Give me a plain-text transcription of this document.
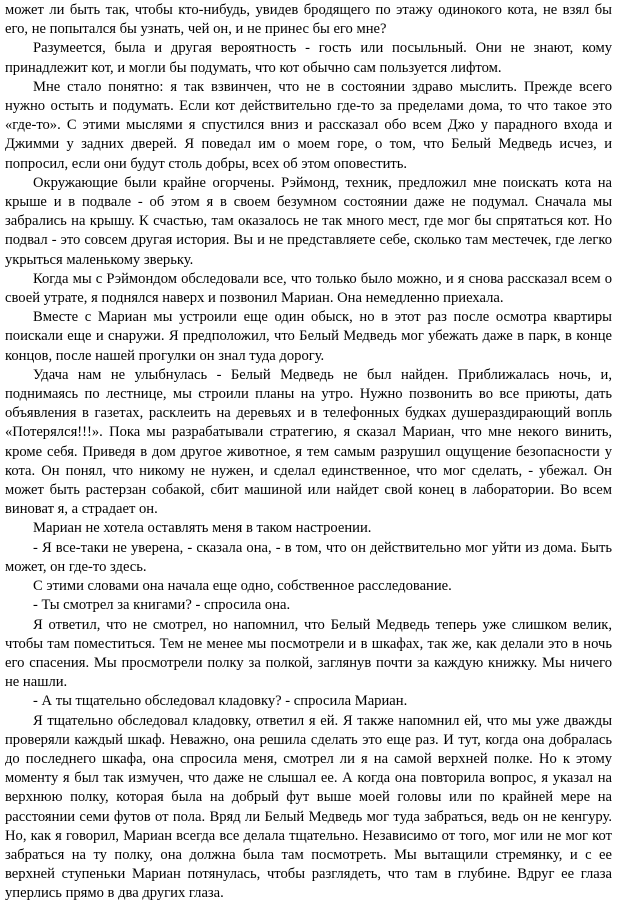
может ли быть так, чтобы кто-нибудь, увидев бродящего по этажу одинокого кота, не взял бы его, не попытался бы узнать, чей он, и не принес бы его мне?

Разумеется, была и другая вероятность - гость или посыльный. Они не знают, кому принадлежит кот, и могли бы подумать, что кот обычно сам пользуется лифтом.

Мне стало понятно: я так взвинчен, что не в состоянии здраво мыслить. Прежде всего нужно остыть и подумать. Если кот действительно где-то за пределами дома, то что такое это «где-то». С этими мыслями я спустился вниз и рассказал обо всем Джо у парадного входа и Джимми у задних дверей. Я поведал им о моем горе, о том, что Белый Медведь исчез, и попросил, если они будут столь добры, всех об этом оповестить.

Окружающие были крайне огорчены. Рэймонд, техник, предложил мне поискать кота на крыше и в подвале - об этом я в своем безумном состоянии даже не подумал. Сначала мы забрались на крышу. К счастью, там оказалось не так много мест, где мог бы спрятаться кот. Но подвал - это совсем другая история. Вы и не представляете себе, сколько там местечек, где легко укрыться маленькому зверьку.

Когда мы с Рэймондом обследовали все, что только было можно, и я снова рассказал всем о своей утрате, я поднялся наверх и позвонил Мариан. Она немедленно приехала.

Вместе с Мариан мы устроили еще один обыск, но в этот раз после осмотра квартиры поискали еще и снаружи. Я предположил, что Белый Медведь мог убежать даже в парк, в конце концов, после нашей прогулки он знал туда дорогу.

Удача нам не улыбнулась - Белый Медведь не был найден. Приближалась ночь, и, поднимаясь по лестнице, мы строили планы на утро. Нужно позвонить во все приюты, дать объявления в газетах, расклеить на деревьях и в телефонных будках душераздирающий вопль «Потерялся!!!». Пока мы разрабатывали стратегию, я сказал Мариан, что мне некого винить, кроме себя. Приведя в дом другое животное, я тем самым разрушил ощущение безопасности у кота. Он понял, что никому не нужен, и сделал единственное, что мог сделать, - убежал. Он может быть растерзан собакой, сбит машиной или найдет свой конец в лаборатории. Во всем виноват я, а страдает он.

Мариан не хотела оставлять меня в таком настроении.

- Я все-таки не уверена, - сказала она, - в том, что он действительно мог уйти из дома. Быть может, он где-то здесь.

С этими словами она начала еще одно, собственное расследование.

- Ты смотрел за книгами? - спросила она.

Я ответил, что не смотрел, но напомнил, что Белый Медведь теперь уже слишком велик, чтобы там поместиться. Тем не менее мы посмотрели и в шкафах, так же, как делали это в ночь его спасения. Мы просмотрели полку за полкой, заглянув почти за каждую книжку. Мы ничего не нашли.

- А ты тщательно обследовал кладовку? - спросила Мариан.

Я тщательно обследовал кладовку, ответил я ей. Я также напомнил ей, что мы уже дважды проверяли каждый шкаф. Неважно, она решила сделать это еще раз. И тут, когда она добралась до последнего шкафа, она спросила меня, смотрел ли я на самой верхней полке. Но к этому моменту я был так измучен, что даже не слышал ее. А когда она повторила вопрос, я указал на верхнюю полку, которая была на добрый фут выше моей головы или по крайней мере на расстоянии семи футов от пола. Вряд ли Белый Медведь мог туда забраться, ведь он не кенгуру. Но, как я говорил, Мариан всегда все делала тщательно. Независимо от того, мог или не мог кот забраться на ту полку, она должна была там посмотреть. Мы вытащили стремянку, и с ее верхней ступеньки Мариан потянулась, чтобы разглядеть, что там в глубине. Вдруг ее глаза уперлись прямо в два других глаза.
